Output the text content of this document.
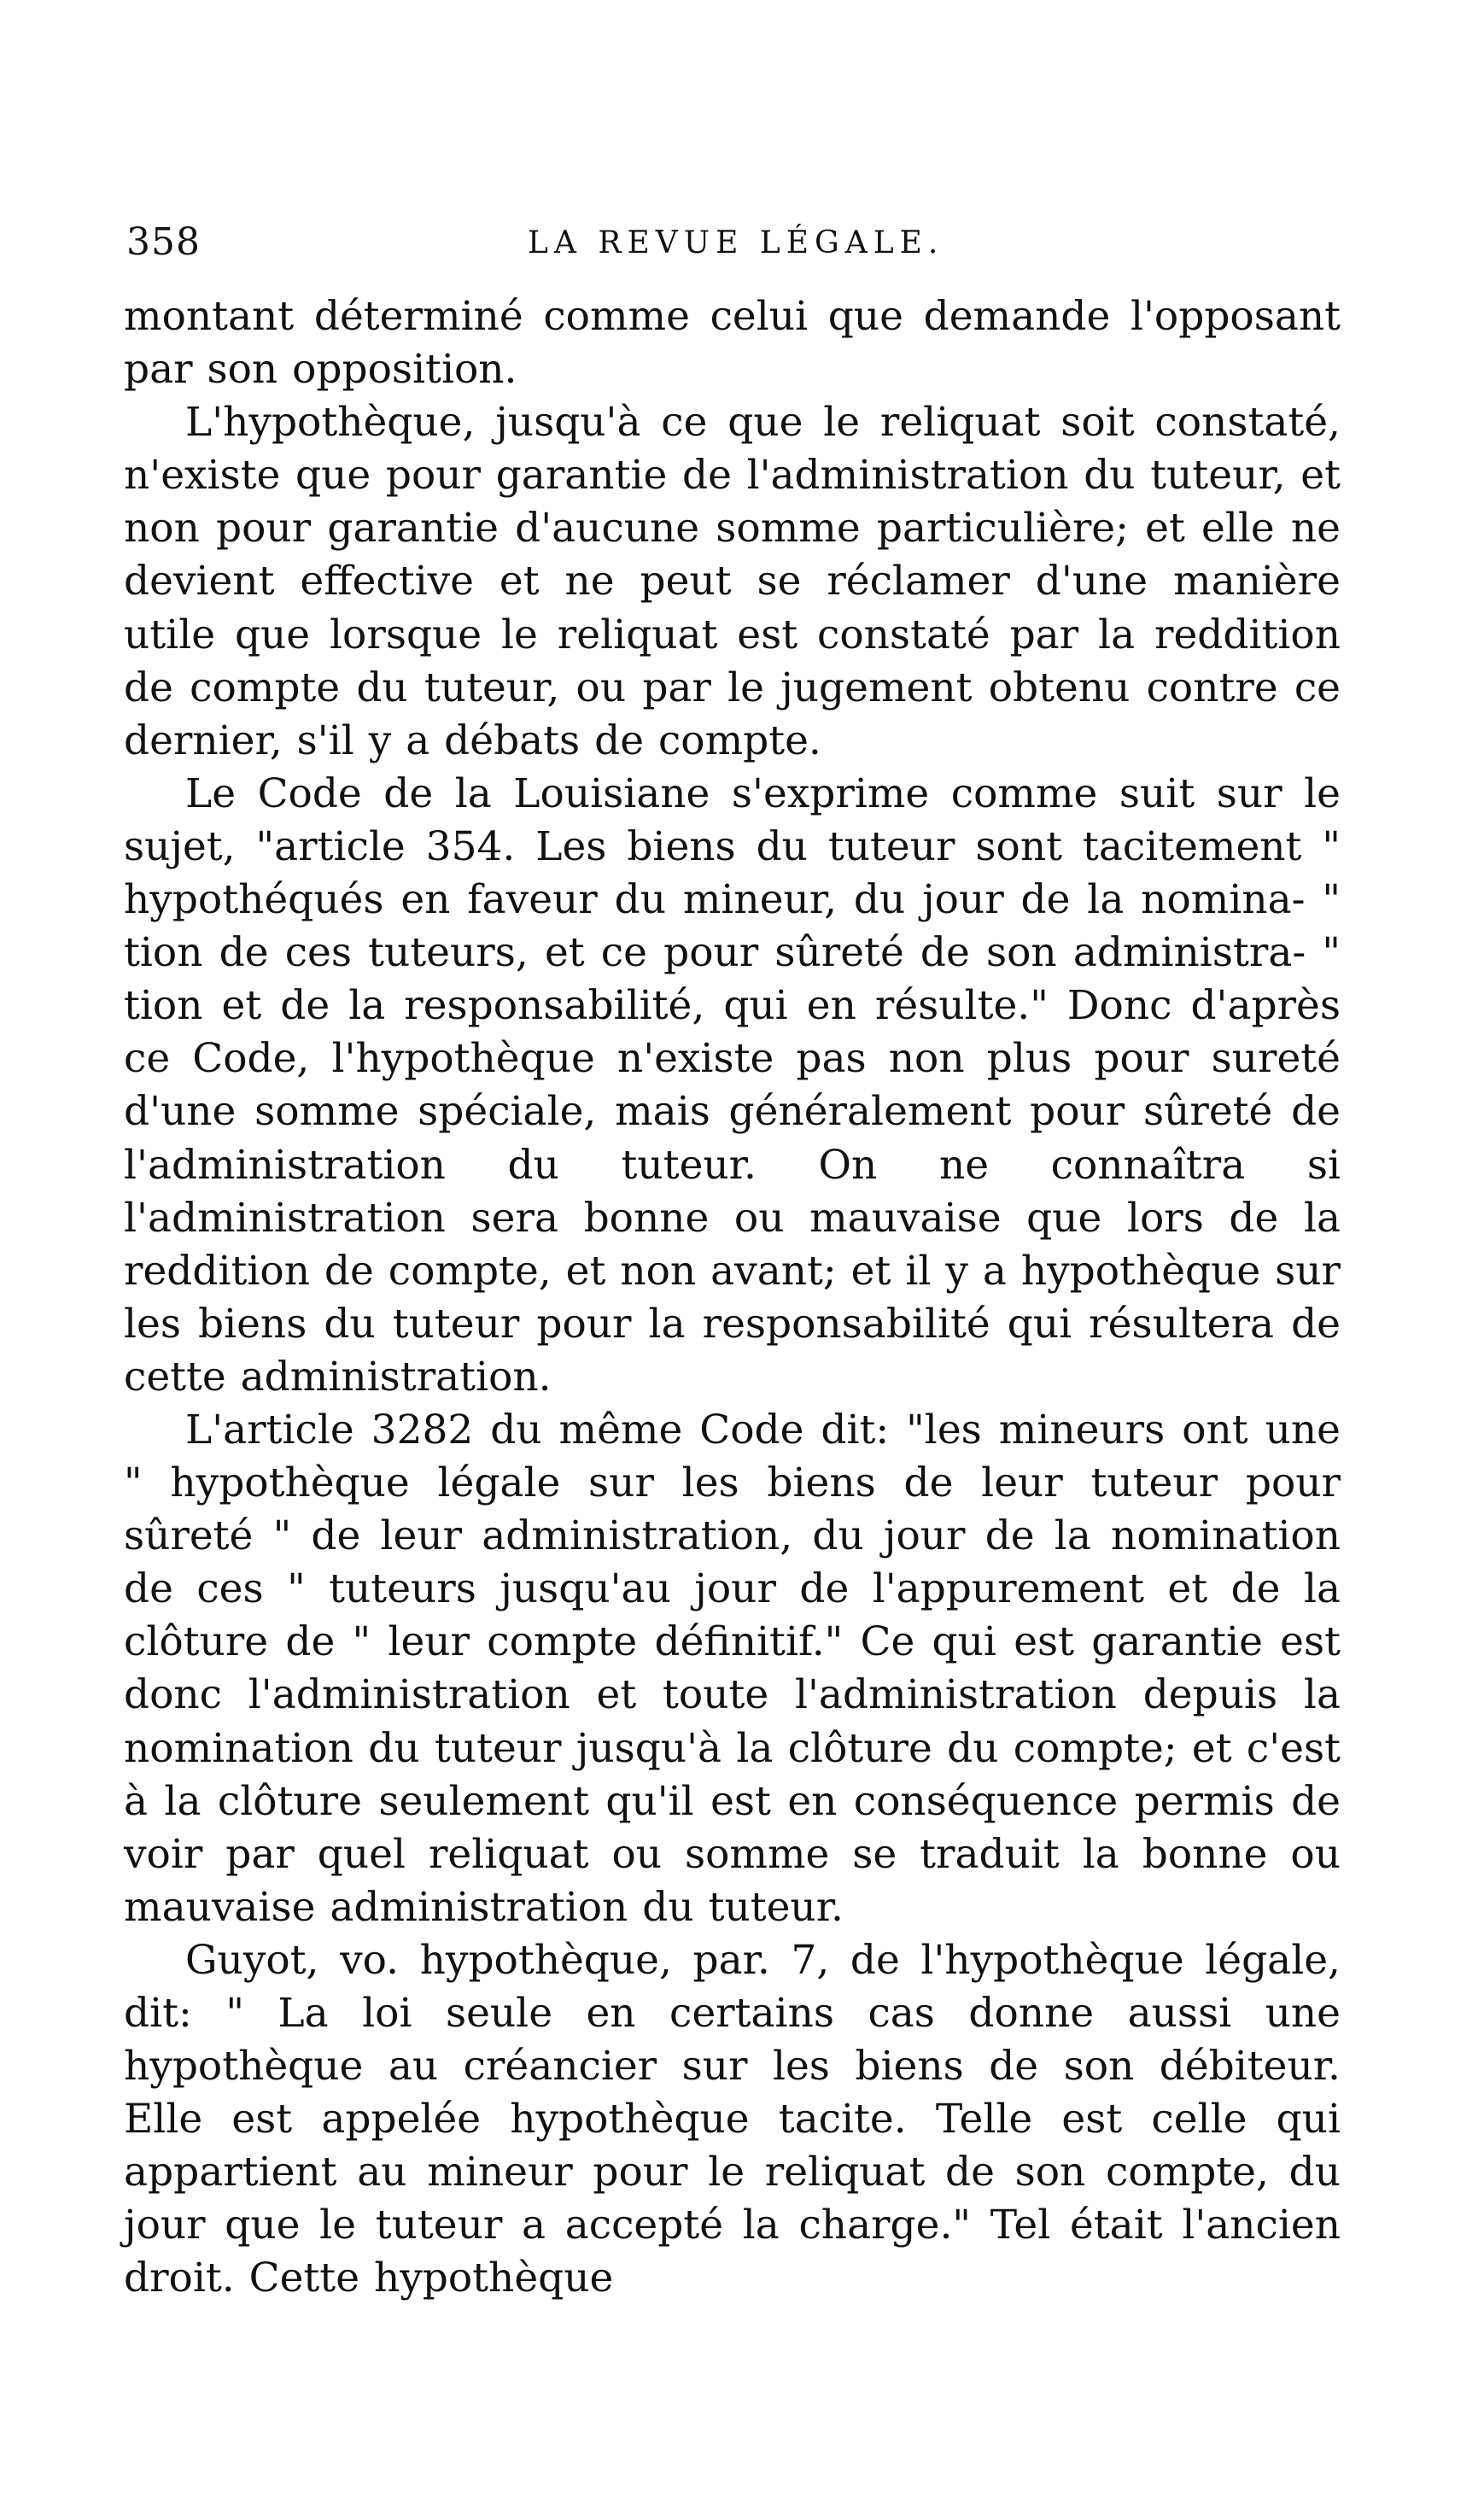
358	LA REVUE LÉGALE.

montant déterminé comme celui que demande l'opposant par son opposition.

L'hypothèque, jusqu'à ce que le reliquat soit constaté, n'existe que pour garantie de l'administration du tuteur, et non pour garantie d'aucune somme particulière; et elle ne devient effective et ne peut se réclamer d'une manière utile que lorsque le reliquat est constaté par la reddition de compte du tuteur, ou par le jugement obtenu contre ce dernier, s'il y a débats de compte.

Le Code de la Louisiane s'exprime comme suit sur le sujet, "article 354. Les biens du tuteur sont tacitement " hypothéqués en faveur du mineur, du jour de la nomina- " tion de ces tuteurs, et ce pour sûreté de son administra- " tion et de la responsabilité, qui en résulte." Donc d'après ce Code, l'hypothèque n'existe pas non plus pour sureté d'une somme spéciale, mais généralement pour sûreté de l'administration du tuteur. On ne connaîtra si l'administration sera bonne ou mauvaise que lors de la reddition de compte, et non avant; et il y a hypothèque sur les biens du tuteur pour la responsabilité qui résultera de cette administration.

L'article 3282 du même Code dit: "les mineurs ont une " hypothèque légale sur les biens de leur tuteur pour sûreté " de leur administration, du jour de la nomination de ces " tuteurs jusqu'au jour de l'appurement et de la clôture de " leur compte définitif." Ce qui est garantie est donc l'administration et toute l'administration depuis la nomination du tuteur jusqu'à la clôture du compte; et c'est à la clôture seulement qu'il est en conséquence permis de voir par quel reliquat ou somme se traduit la bonne ou mauvaise administration du tuteur.

Guyot, vo. hypothèque, par. 7, de l'hypothèque légale, dit: " La loi seule en certains cas donne aussi une hypothèque au créancier sur les biens de son débiteur. Elle est appelée hypothèque tacite. Telle est celle qui appartient au mineur pour le reliquat de son compte, du jour que le tuteur a accepté la charge." Tel était l'ancien droit. Cette hypothèque
